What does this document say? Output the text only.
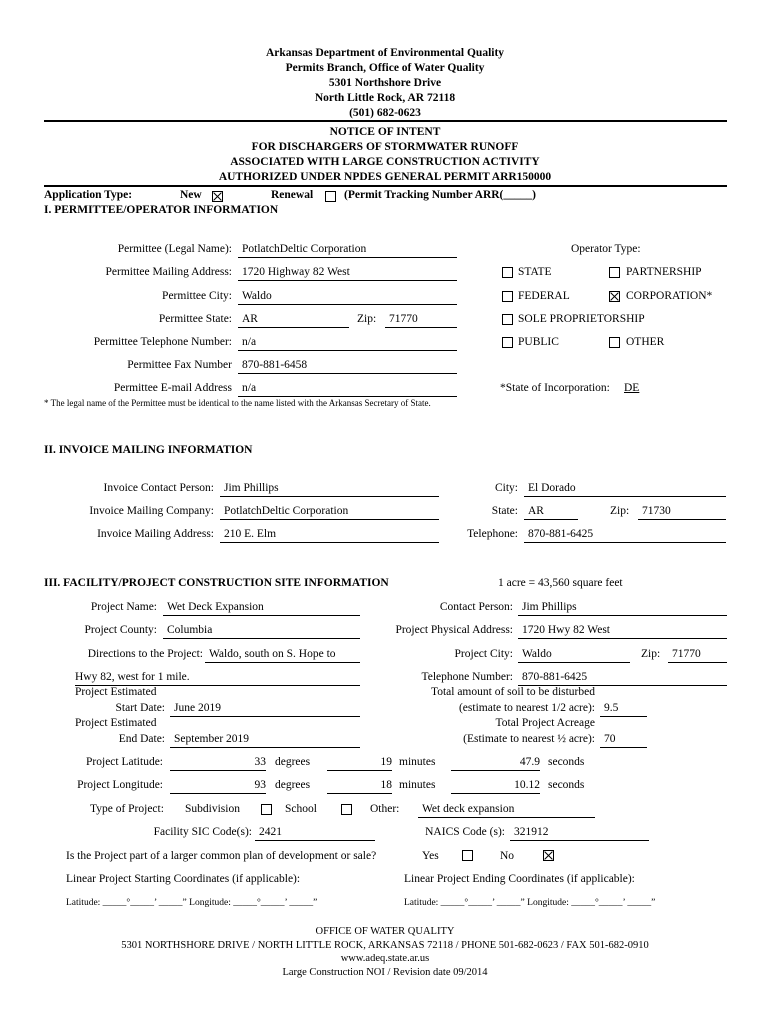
Arkansas Department of Environmental Quality
Permits Branch, Office of Water Quality
5301 Northshore Drive
North Little Rock, AR 72118
(501) 682-0623
NOTICE OF INTENT
FOR DISCHARGERS OF STORMWATER RUNOFF
ASSOCIATED WITH LARGE CONSTRUCTION ACTIVITY
AUTHORIZED UNDER NPDES GENERAL PERMIT ARR150000
Application Type:	New	Renewal	(Permit Tracking Number ARR(_____)
I. PERMITTEE/OPERATOR INFORMATION
Permittee (Legal Name): PotlatchDeltic Corporation
Permittee Mailing Address: 1720 Highway 82 West
Permittee City: Waldo
Permittee State: AR	Zip:	71770
Permittee Telephone Number: n/a
Permittee Fax Number 870-881-6458
Permittee E-mail Address n/a
* The legal name of the Permittee must be identical to the name listed with the Arkansas Secretary of State.
Operator Type:
STATE	PARTNERSHIP
FEDERAL	CORPORATION*
SOLE PROPRIETORSHIP
PUBLIC	OTHER
*State of Incorporation: DE
II. INVOICE MAILING INFORMATION
Invoice Contact Person: Jim Phillips
Invoice Mailing Company: PotlatchDeltic Corporation
Invoice Mailing Address: 210 E. Elm
City: El Dorado
State: AR	Zip:	71730
Telephone: 870-881-6425
III. FACILITY/PROJECT CONSTRUCTION SITE INFORMATION	1 acre = 43,560 square feet
Project Name: Wet Deck Expansion	Contact Person: Jim Phillips
Project County: Columbia	Project Physical Address: 1720 Hwy 82 West
Directions to the Project: Waldo, south on S. Hope to
Hwy 82, west for 1 mile.
Project City: Waldo	Zip:	71770
Telephone Number: 870-881-6425
Project Estimated
Start Date: June 2019
Project Estimated
End Date: September 2019
Total amount of soil to be disturbed
(estimate to nearest 1/2 acre): 9.5
Total Project Acreage
(Estimate to nearest ½ acre): 70
Project Latitude:	33 degrees	19 minutes	47.9 seconds
Project Longitude:	93 degrees	18 minutes	10.12 seconds
Type of Project: Subdivision	School	Other:	Wet deck expansion
Facility SIC Code(s): 2421	NAICS Code (s): 321912
Is the Project part of a larger common plan of development or sale?	Yes	No
Linear Project Starting Coordinates (if applicable):	Linear Project Ending Coordinates (if applicable):
Latitude: _____°_____’ _____” Longitude: _____°_____’ _____”	Latitude: _____°_____’ _____” Longitude: _____°_____’ _____”
OFFICE OF WATER QUALITY
5301 NORTHSHORE DRIVE / NORTH LITTLE ROCK, ARKANSAS 72118 / PHONE 501-682-0623 / FAX 501-682-0910
www.adeq.state.ar.us
Large Construction NOI / Revision date 09/2014
